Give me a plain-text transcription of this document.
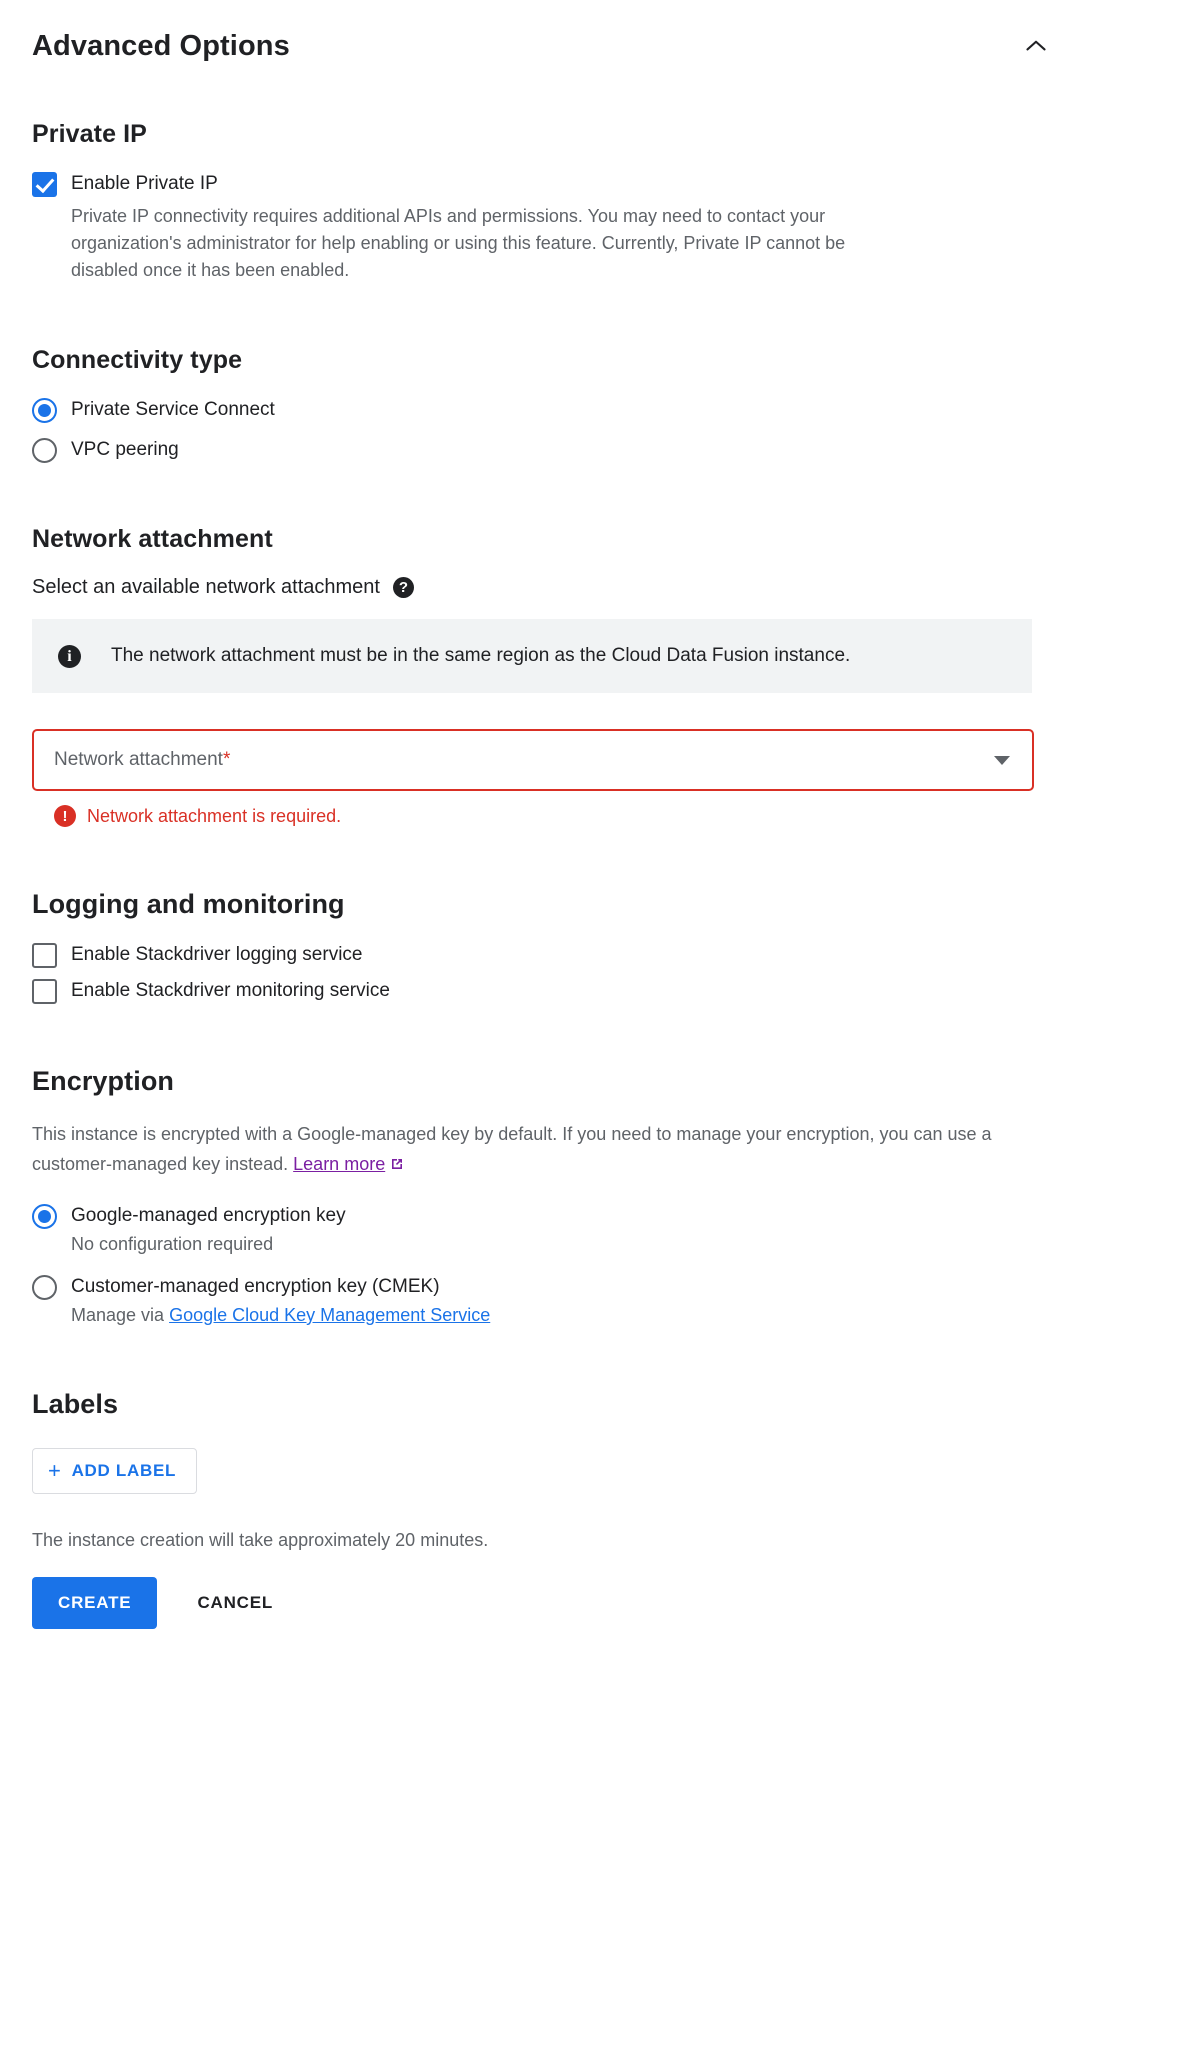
Advanced Options
Private IP
Enable Private IP
Private IP connectivity requires additional APIs and permissions. You may need to contact your organization's administrator for help enabling or using this feature. Currently, Private IP cannot be disabled once it has been enabled.
Connectivity type
Private Service Connect
VPC peering
Network attachment
Select an available network attachment	?
i	The network attachment must be in the same region as the Cloud Data Fusion instance.
Network attachment*
!	Network attachment is required.
Logging and monitoring
Enable Stackdriver logging service
Enable Stackdriver monitoring service
Encryption
This instance is encrypted with a Google-managed key by default. If you need to manage your encryption, you can use a customer-managed key instead. Learn more
Google-managed encryption key
No configuration required
Customer-managed encryption key (CMEK)
Manage via Google Cloud Key Management Service
Labels
+ ADD LABEL
The instance creation will take approximately 20 minutes.
CREATE	CANCEL
